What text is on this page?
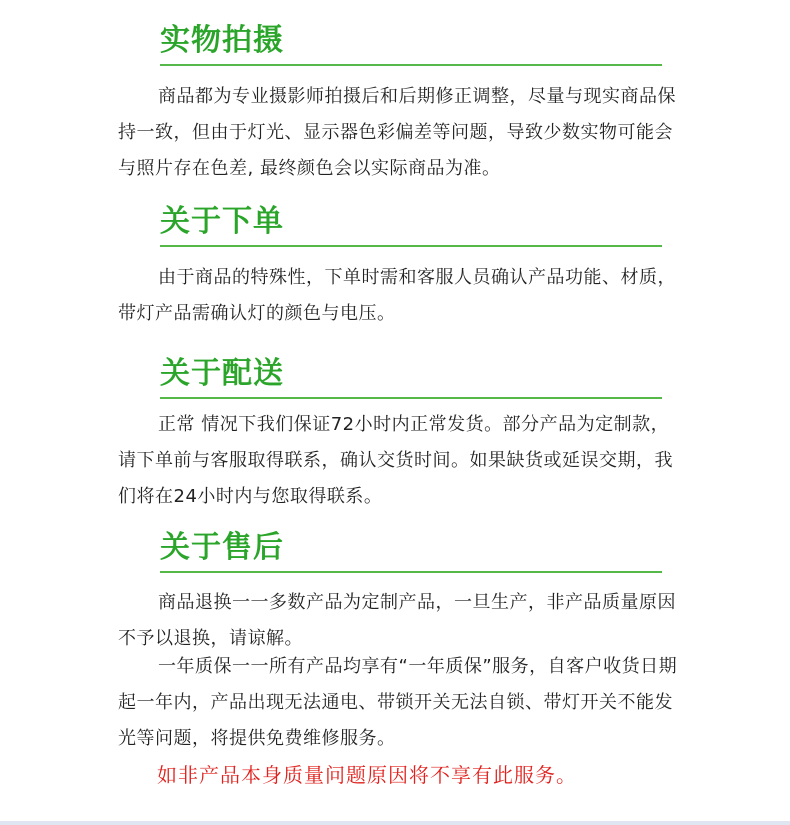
实物拍摄

商品都为专业摄影师拍摄后和后期修正调整，尽量与现实商品保持一致，但由于灯光、显示器色彩偏差等问题，导致少数实物可能会与照片存在色差, 最终颜色会以实际商品为准。

关于下单

由于商品的特殊性，下单时需和客服人员确认产品功能、材质，带灯产品需确认灯的颜色与电压。

关于配送

正常 情况下我们保证72小时内正常发货。部分产品为定制款，请下单前与客服取得联系，确认交货时间。如果缺货或延误交期，我们将在24小时内与您取得联系。

关于售后

商品退换一一多数产品为定制产品，一旦生产，非产品质量原因不予以退换，请谅解。

一年质保一一所有产品均享有“一年质保”服务，自客户收货日期起一年内，产品出现无法通电、带锁开关无法自锁、带灯开关不能发光等问题，将提供免费维修服务。

如非产品本身质量问题原因将不享有此服务。
